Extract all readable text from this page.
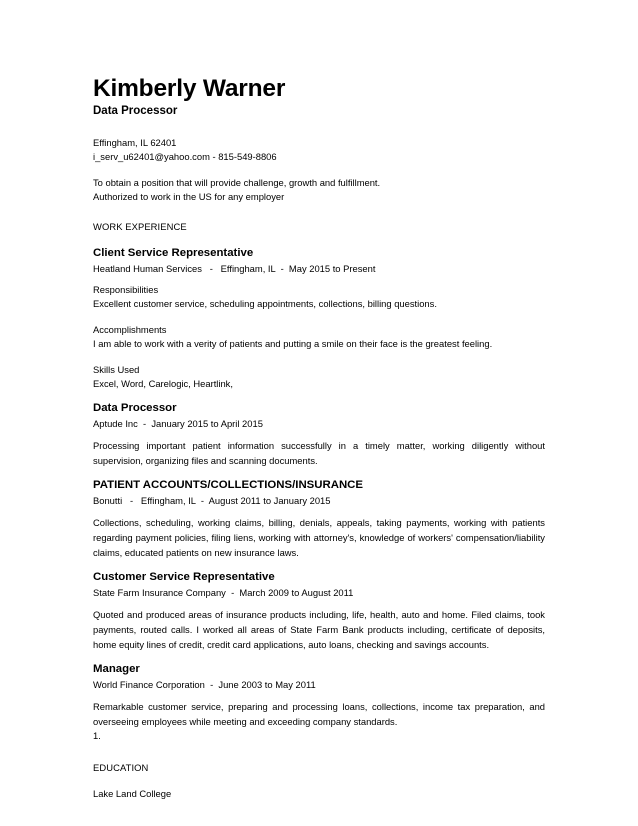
Kimberly Warner
Data Processor

Effingham, IL 62401

i_serv_u62401@yahoo.com - 815-549-8806

To obtain a position that will provide challenge, growth and fulfillment.

Authorized to work in the US for any employer

WORK EXPERIENCE
Client Service Representative
Heatland Human Services   -   Effingham, IL  -  May 2015 to Present

Responsibilities

Excellent customer service, scheduling appointments, collections, billing questions.

Accomplishments

I am able to work with a verity of patients and putting a smile on their face is the greatest feeling.

Skills Used

Excel, Word, Carelogic, Heartlink,

Data Processor
Aptude Inc  -  January 2015 to April 2015

Processing important patient information successfully in a timely matter, working diligently without supervision, organizing files and scanning documents.

PATIENT ACCOUNTS/COLLECTIONS/INSURANCE
Bonutti   -   Effingham, IL  -  August 2011 to January 2015

Collections, scheduling, working claims, billing, denials, appeals, taking payments, working with patients regarding payment policies, filing liens, working with attorney's, knowledge of workers' compensation/liability claims, educated patients on new insurance laws.

Customer Service Representative
State Farm Insurance Company  -  March 2009 to August 2011

Quoted and produced areas of insurance products including, life, health, auto and home. Filed claims, took payments, routed calls. I worked all areas of State Farm Bank products including, certificate of deposits, home equity lines of credit, credit card applications, auto loans, checking and savings accounts.

Manager
World Finance Corporation  -  June 2003 to May 2011

Remarkable customer service, preparing and processing loans, collections, income tax preparation, and overseeing employees while meeting and exceeding company standards.

1.

EDUCATION

Lake Land College
